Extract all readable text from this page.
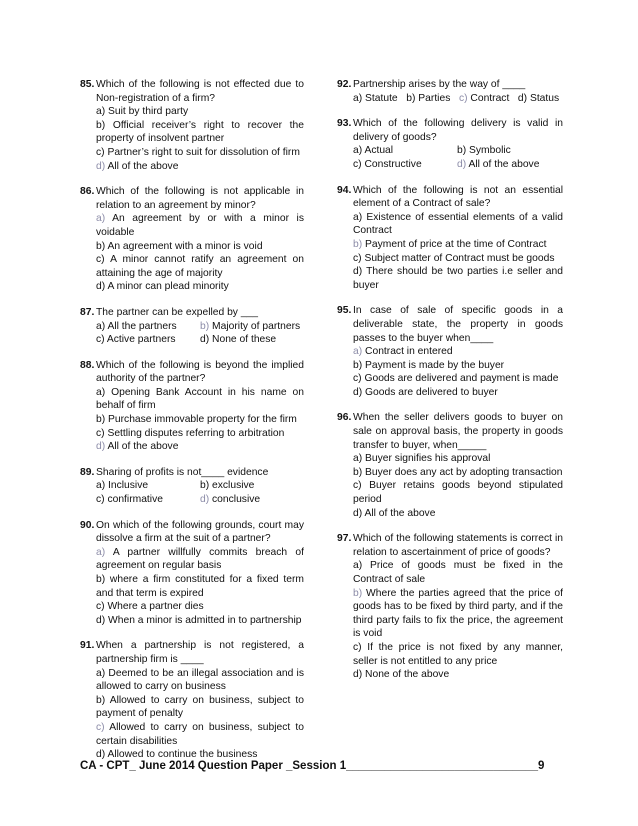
85. Which of the following is not effected due to Non-registration of a firm?
a) Suit by third party
b) Official receiver’s right to recover the property of insolvent partner
c) Partner’s right to suit for dissolution of firm
d) All of the above
86. Which of the following is not applicable in relation to an agreement by minor?
a) An agreement by or with a minor is voidable
b) An agreement with a minor is void
c) A minor cannot ratify an agreement on attaining the age of majority
d) A minor can plead minority
87. The partner can be expelled by ___
a) All the partners	b) Majority of partners
c) Active partners	d) None of these
88. Which of the following is beyond the implied authority of the partner?
a) Opening Bank Account in his name on behalf of firm
b) Purchase immovable property for the firm
c) Settling disputes referring to arbitration
d) All of the above
89. Sharing of profits is not____ evidence
a) Inclusive	b) exclusive
c) confirmative	d) conclusive
90. On which of the following grounds, court may dissolve a firm at the suit of a partner?
a) A partner willfully commits breach of agreement on regular basis
b) where a firm constituted for a fixed term and that term is expired
c) Where a partner dies
d) When a minor is admitted in to partnership
91. When a partnership is not registered, a partnership firm is ____
a) Deemed to be an illegal association and is allowed to carry on business
b) Allowed to carry on business, subject to payment of penalty
c) Allowed to carry on business, subject to certain disabilities
d) Allowed to continue the business
92. Partnership arises by the way of ____
a) Statute b) Parties c) Contract d) Status
93. Which of the following delivery is valid in delivery of goods?
a) Actual	b) Symbolic
c) Constructive	d) All of the above
94. Which of the following is not an essential element of a Contract of sale?
a) Existence of essential elements of a valid Contract
b) Payment of price at the time of Contract
c) Subject matter of Contract must be goods
d) There should be two parties i.e seller and buyer
95. In case of sale of specific goods in a deliverable state, the property in goods passes to the buyer when____
a) Contract in entered
b) Payment is made by the buyer
c) Goods are delivered and payment is made
d) Goods are delivered to buyer
96. When the seller delivers goods to buyer on sale on approval basis, the property in goods transfer to buyer, when_____
a) Buyer signifies his approval
b) Buyer does any act by adopting transaction
c) Buyer retains goods beyond stipulated period
d) All of the above
97. Which of the following statements is correct in relation to ascertainment of price of goods?
a) Price of goods must be fixed in the Contract of sale
b) Where the parties agreed that the price of goods has to be fixed by third party, and if the third party fails to fix the price, the agreement is void
c) If the price is not fixed by any manner, seller is not entitled to any price
d) None of the above
CA - CPT_ June 2014 Question Paper _Session 1______________________________9
